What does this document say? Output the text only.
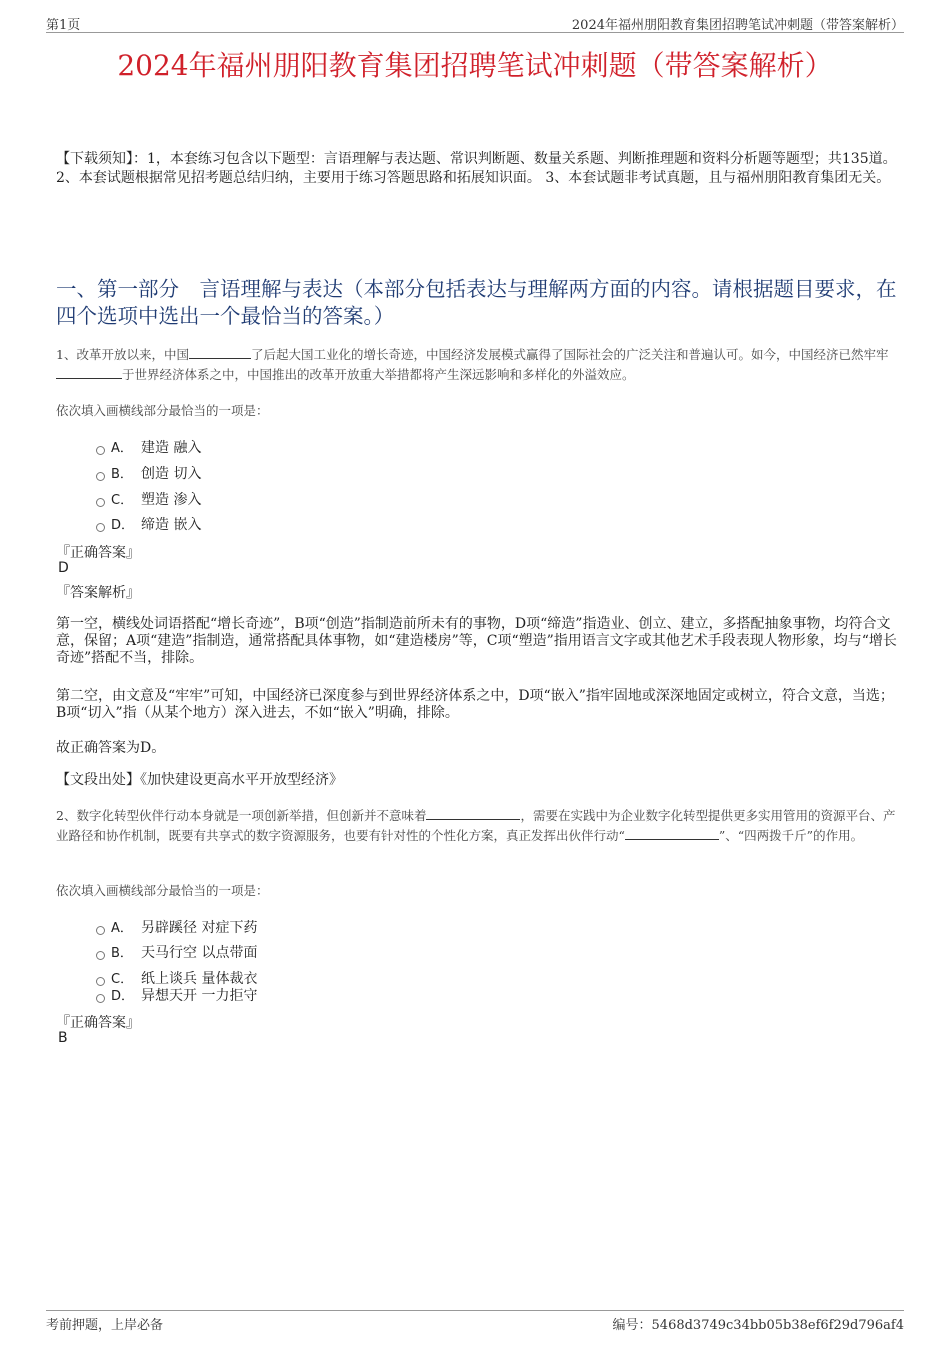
第1页	2024年福州朋阳教育集团招聘笔试冲刺题（带答案解析）
2024年福州朋阳教育集团招聘笔试冲刺题（带答案解析）
【下载须知】：1，本套练习包含以下题型：言语理解与表达题、常识判断题、数量关系题、判断推理题和资料分析题等题型；共135道。 2、本套试题根据常见招考题总结归纳，主要用于练习答题思路和拓展知识面。 3、本套试题非考试真题，且与福州朋阳教育集团无关。
一、第一部分　言语理解与表达（本部分包括表达与理解两方面的内容。请根据题目要求，在四个选项中选出一个最恰当的答案。）
1、改革开放以来，中国	了后起大国工业化的增长奇迹，中国经济发展模式赢得了国际社会的广泛关注和普遍认可。如今，中国经济已然牢牢于世界经济体系之中，中国推出的改革开放重大举措都将产生深远影响和多样化的外溢效应。
依次填入画横线部分最恰当的一项是：
A． 建造 融入
B． 创造 切入
C． 塑造 渗入
D． 缔造 嵌入
『正确答案』
D
『答案解析』
第一空，横线处词语搭配“增长奇迹”，B项“创造”指制造前所未有的事物，D项“缔造”指造业、创立、建立，多搭配抽象事物，均符合文意，保留；A项“建造”指制造，通常搭配具体事物，如“建造楼房”等，C项“塑造”指用语言文字或其他艺术手段表现人物形象，均与“增长奇迹”搭配不当，排除。
第二空，由文意及“牢牢”可知，中国经济已深度参与到世界经济体系之中，D项“嵌入”指牢固地或深深地固定或树立，符合文意，当选；B项“切入”指（从某个地方）深入进去，不如“嵌入”明确，排除。
故正确答案为D。
【文段出处】《加快建设更高水平开放型经济》
2、数字化转型伙伴行动本身就是一项创新举措，但创新并不意味着	，需要在实践中为企业数字化转型提供更多实用管用的资源平台、产业路径和协作机制，既要有共享式的数字资源服务，也要有针对性的个性化方案，真正发挥出伙伴行动“	”、“四两拨千斤”的作用。
依次填入画横线部分最恰当的一项是：
A． 另辟蹊径 对症下药
B． 天马行空 以点带面
C． 纸上谈兵 量体裁衣
D． 异想天开 一力拒守
『正确答案』
B
考前押题，上岸必备	编号：5468d3749c34bb05b38ef6f29d796af4
